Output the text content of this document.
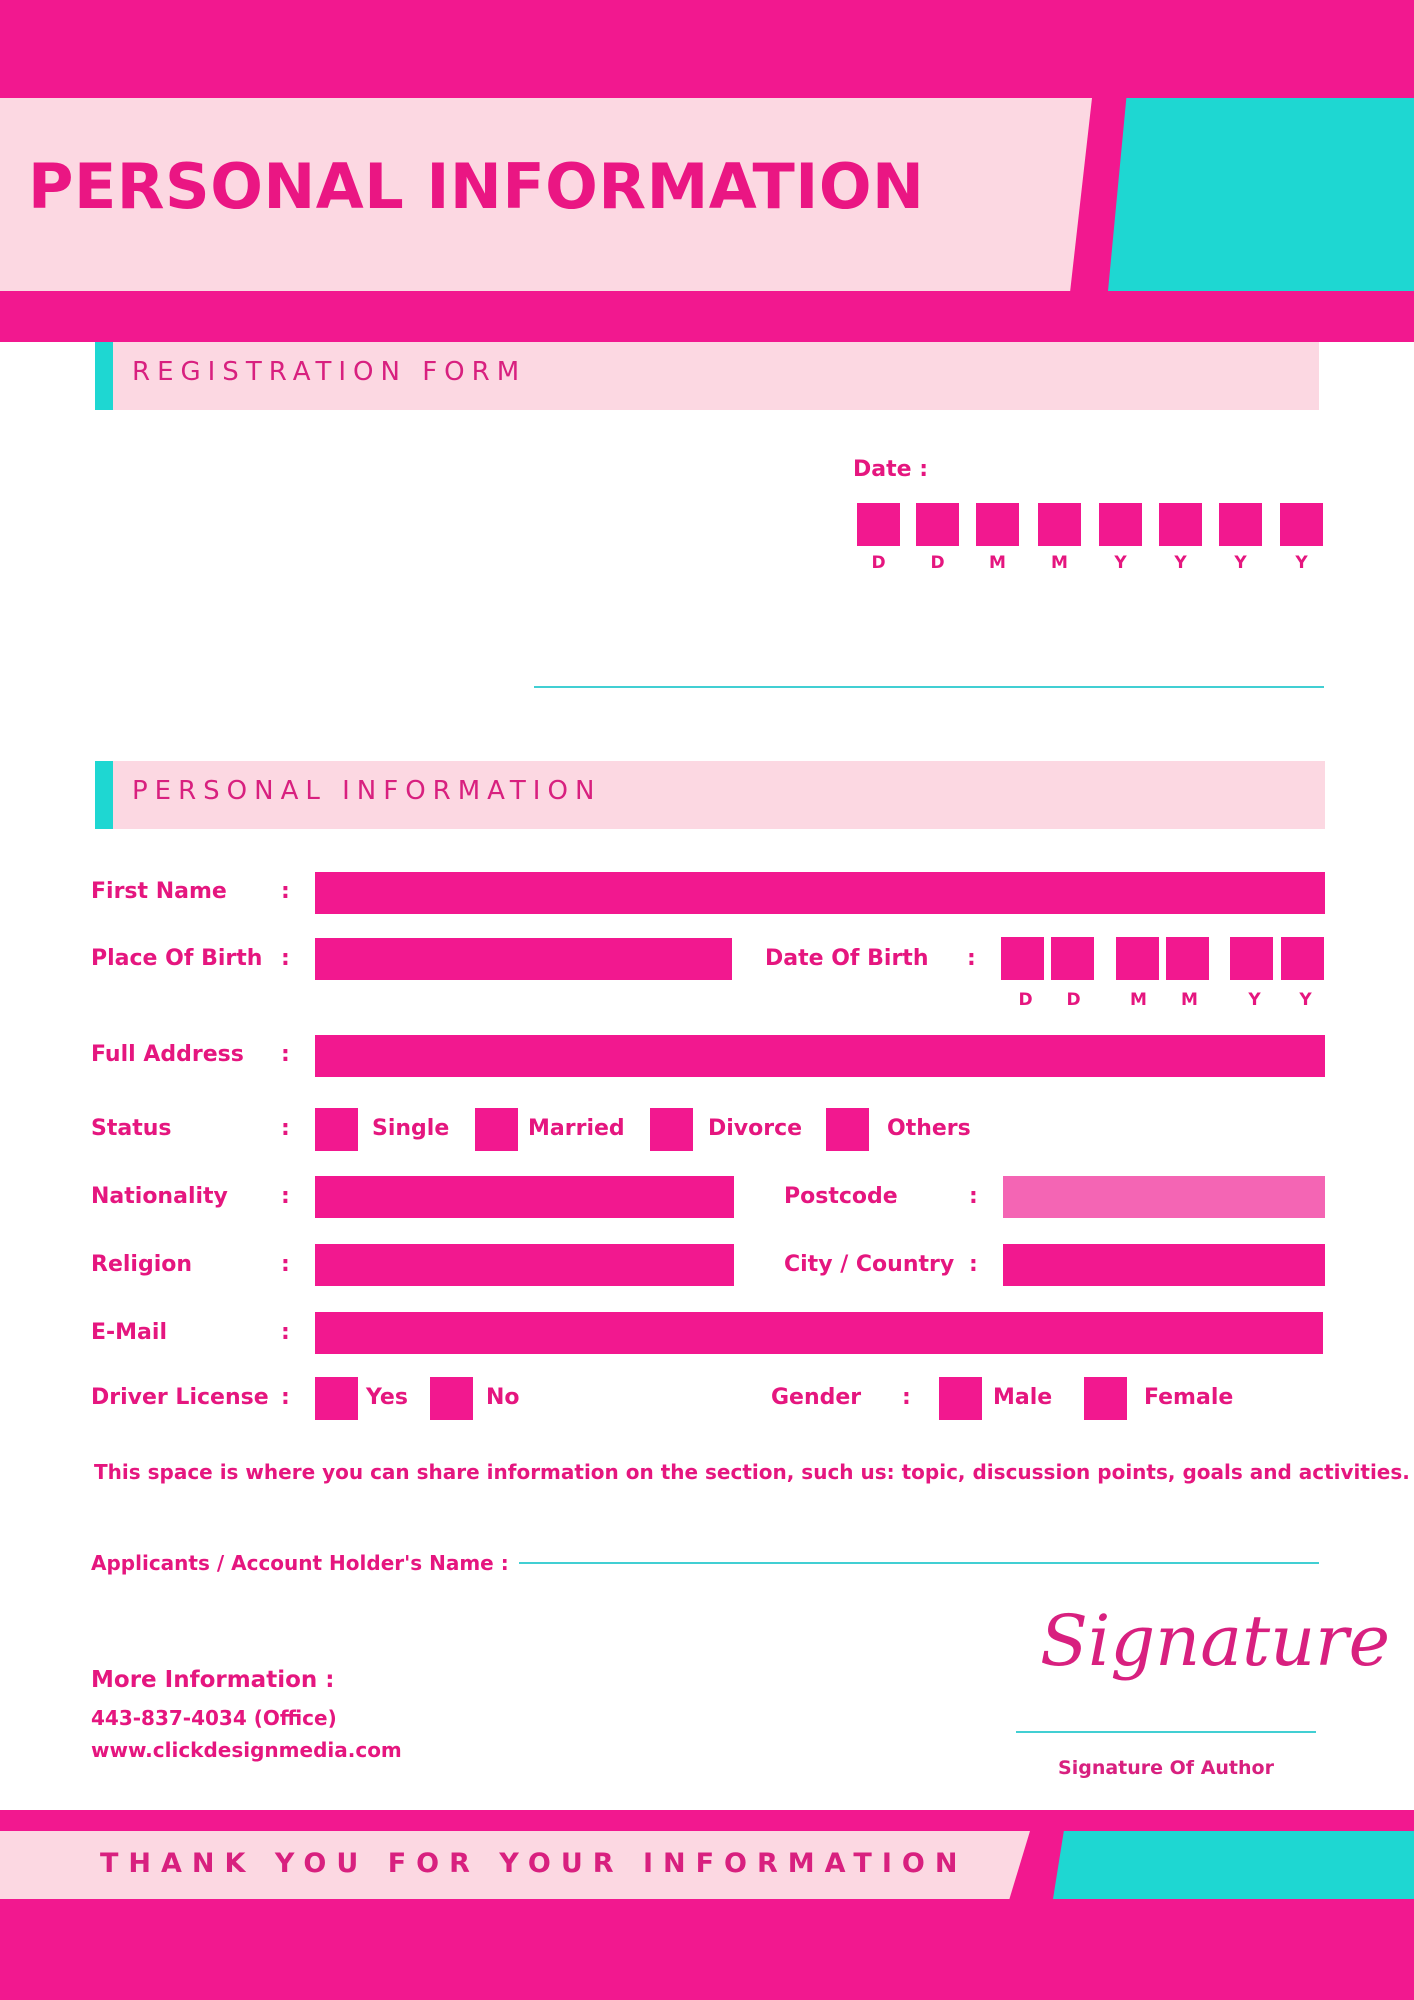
PERSONAL INFORMATION
REGISTRATION FORM
Date :
D	D	M	M	Y	Y	Y	Y
PERSONAL INFORMATION
First Name :
Place Of Birth :	Date Of Birth :
D	D	M	M	Y	Y
Full Address :
Status	:	Single	Married	Divorce	Others
Nationality :	Postcode	:
Religion	:	City / Country :
E-Mail	:
Driver License :	Yes	No	Gender :	Male	Female
This space is where you can share information on the section, such us: topic, discussion points, goals and activities.
Applicants / Account Holder's Name :
More Information :
443-837-4034 (Office)
www.clickdesignmedia.com
Signature
Signature Of Author
THANK YOU FOR YOUR INFORMATION
